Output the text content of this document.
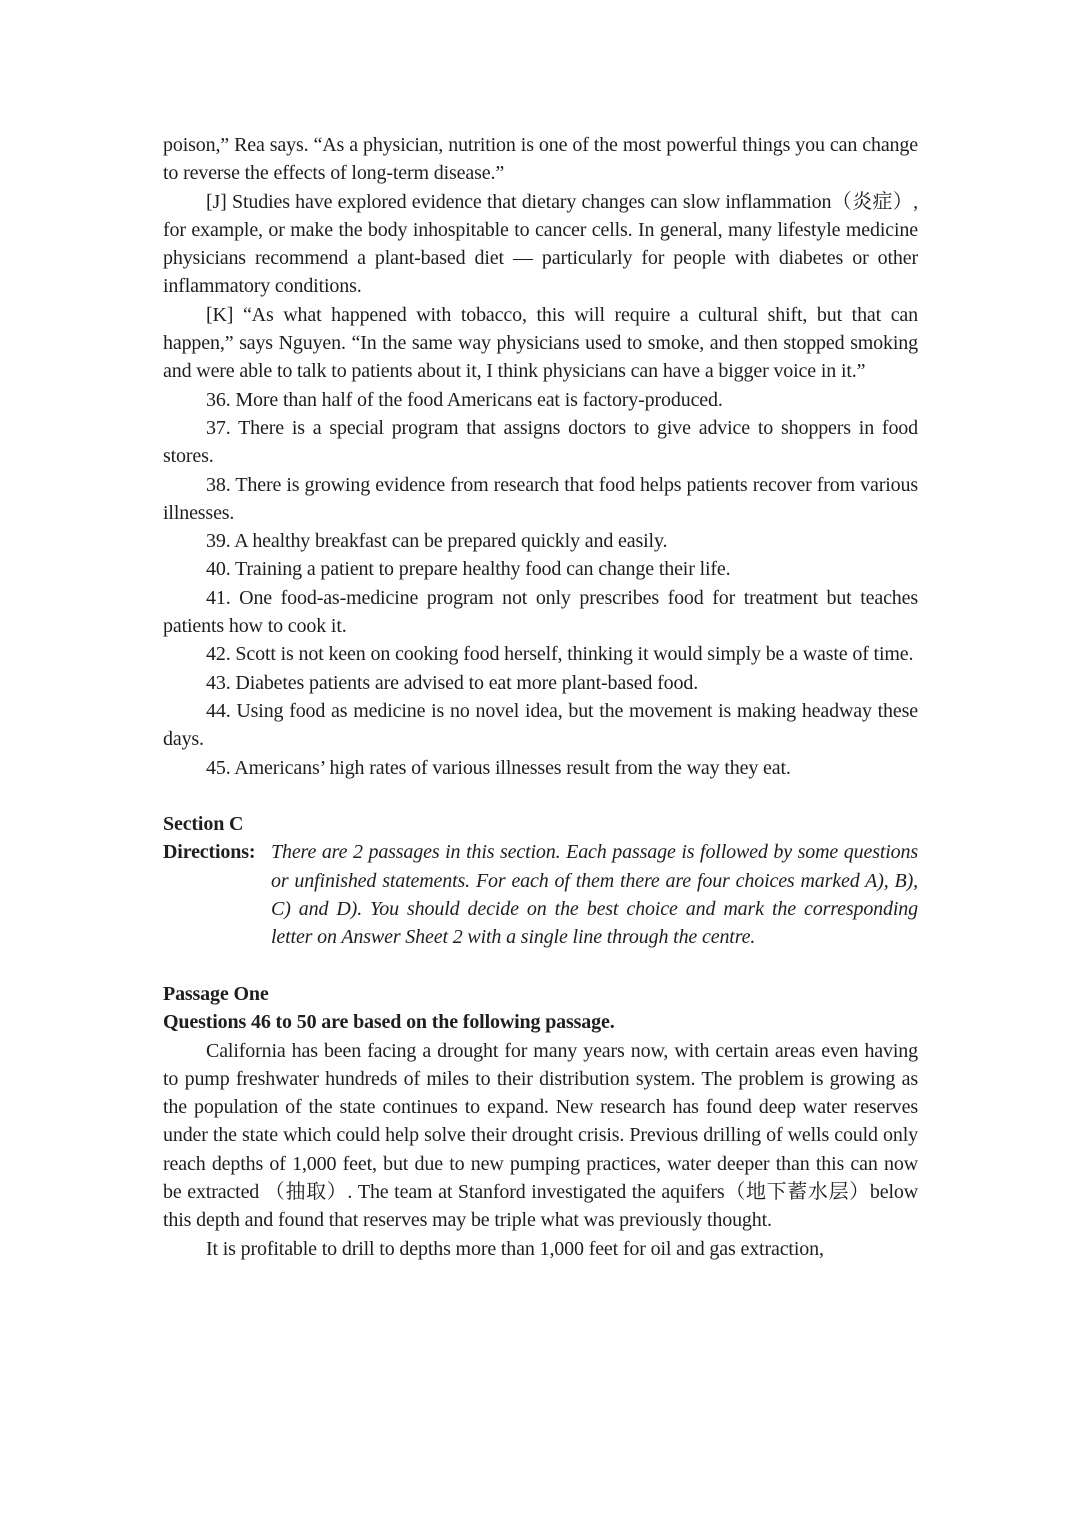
poison,” Rea says. “As a physician, nutrition is one of the most powerful things you can change to reverse the effects of long-term disease.”

[J] Studies have explored evidence that dietary changes can slow inflammation（炎症）, for example, or make the body inhospitable to cancer cells. In general, many lifestyle medicine physicians recommend a plant-based diet — particularly for people with diabetes or other inflammatory conditions.

[K] “As what happened with tobacco, this will require a cultural shift, but that can happen,” says Nguyen. “In the same way physicians used to smoke, and then stopped smoking and were able to talk to patients about it, I think physicians can have a bigger voice in it.”

36. More than half of the food Americans eat is factory-produced.

37. There is a special program that assigns doctors to give advice to shoppers in food stores.

38. There is growing evidence from research that food helps patients recover from various illnesses.

39. A healthy breakfast can be prepared quickly and easily.

40. Training a patient to prepare healthy food can change their life.

41. One food-as-medicine program not only prescribes food for treatment but teaches patients how to cook it.

42. Scott is not keen on cooking food herself, thinking it would simply be a waste of time.

43. Diabetes patients are advised to eat more plant-based food.

44. Using food as medicine is no novel idea, but the movement is making headway these days.

45. Americans’ high rates of various illnesses result from the way they eat.

Section C

Directions: There are 2 passages in this section. Each passage is followed by some questions or unfinished statements. For each of them there are four choices marked A), B), C) and D). You should decide on the best choice and mark the corresponding letter on Answer Sheet 2 with a single line through the centre.

Passage One

Questions 46 to 50 are based on the following passage.

California has been facing a drought for many years now, with certain areas even having to pump freshwater hundreds of miles to their distribution system. The problem is growing as the population of the state continues to expand. New research has found deep water reserves under the state which could help solve their drought crisis. Previous drilling of wells could only reach depths of 1,000 feet, but due to new pumping practices, water deeper than this can now be extracted （抽取）. The team at Stanford investigated the aquifers（地下蓄水层）below this depth and found that reserves may be triple what was previously thought.

It is profitable to drill to depths more than 1,000 feet for oil and gas extraction,
